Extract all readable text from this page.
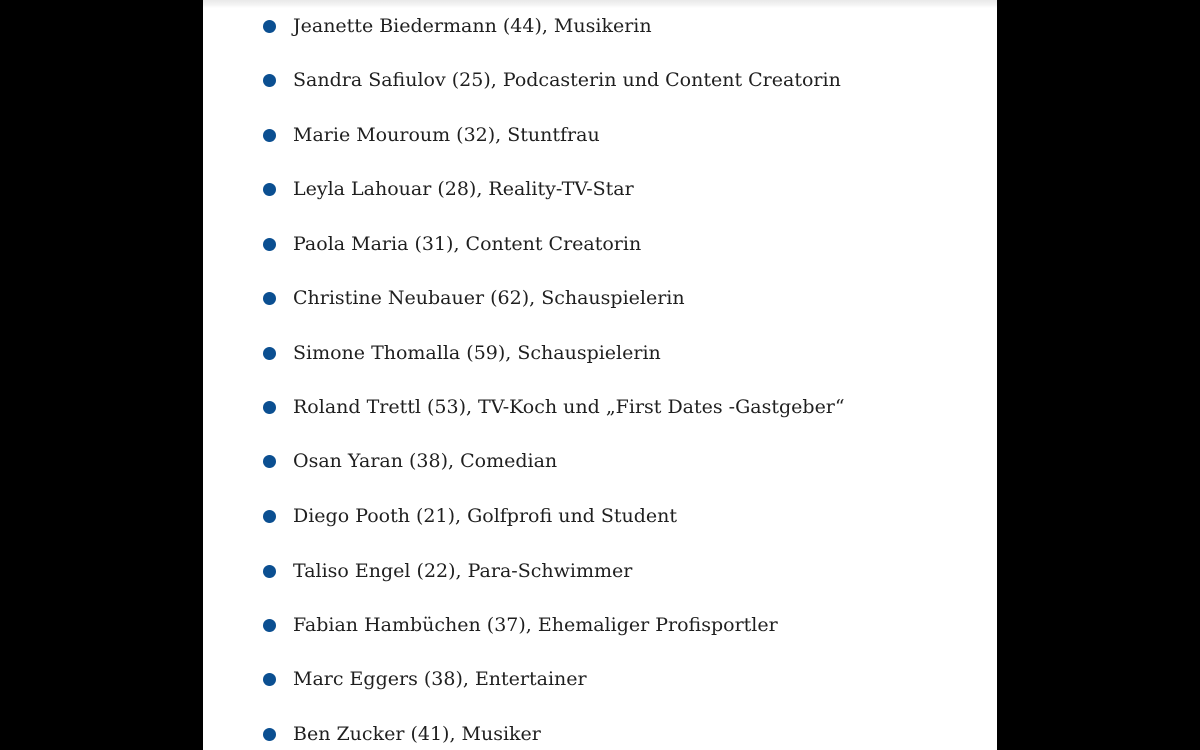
Jeanette Biedermann (44), Musikerin
Sandra Safiulov (25), Podcasterin und Content Creatorin
Marie Mouroum (32), Stuntfrau
Leyla Lahouar (28), Reality-TV-Star
Paola Maria (31), Content Creatorin
Christine Neubauer (62), Schauspielerin
Simone Thomalla (59), Schauspielerin
Roland Trettl (53), TV-Koch und „First Dates -Gastgeber“
Osan Yaran (38), Comedian
Diego Pooth (21), Golfprofi und Student
Taliso Engel (22), Para-Schwimmer
Fabian Hambüchen (37), Ehemaliger Profisportler
Marc Eggers (38), Entertainer
Ben Zucker (41), Musiker
